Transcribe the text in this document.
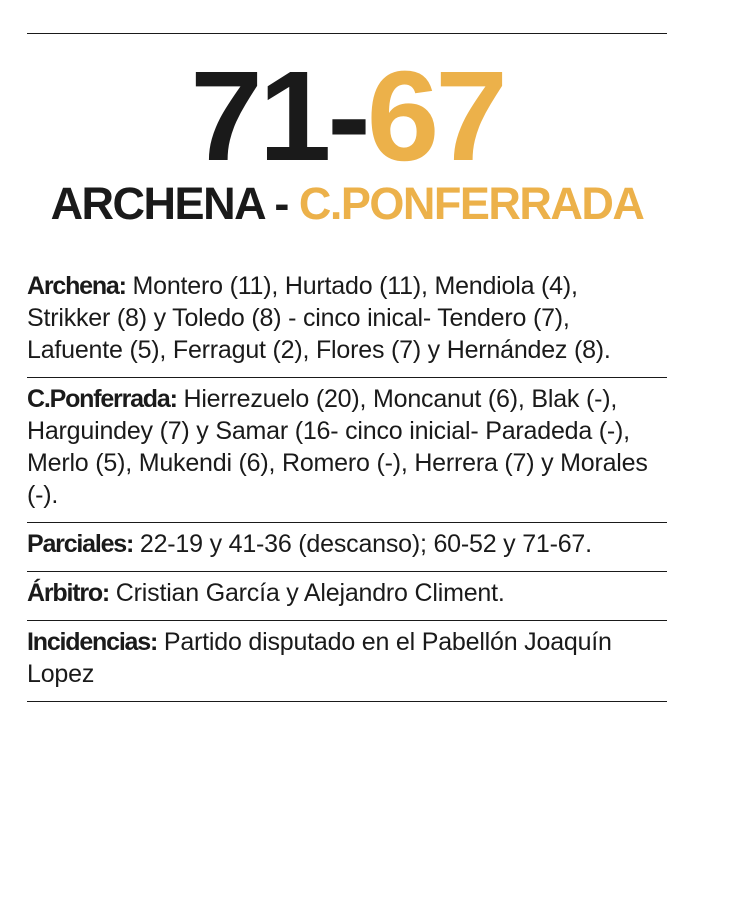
71-67
ARCHENA - C.PONFERRADA
Archena: Montero (11), Hurtado (11), Mendiola (4), Strikker (8) y Toledo (8) - cinco inical- Tendero (7), Lafuente (5), Ferragut (2), Flores (7) y Hernández (8).
C.Ponferrada: Hierrezuelo (20), Moncanut (6), Blak (-), Harguindey (7) y Samar (16- cinco inicial- Paradeda (-), Merlo (5), Mukendi (6), Romero (-), Herrera (7) y Morales (-).
Parciales: 22-19 y 41-36 (descanso); 60-52 y 71-67.
Árbitro: Cristian García y Alejandro Climent.
Incidencias: Partido disputado en el Pabellón Joaquín Lopez
